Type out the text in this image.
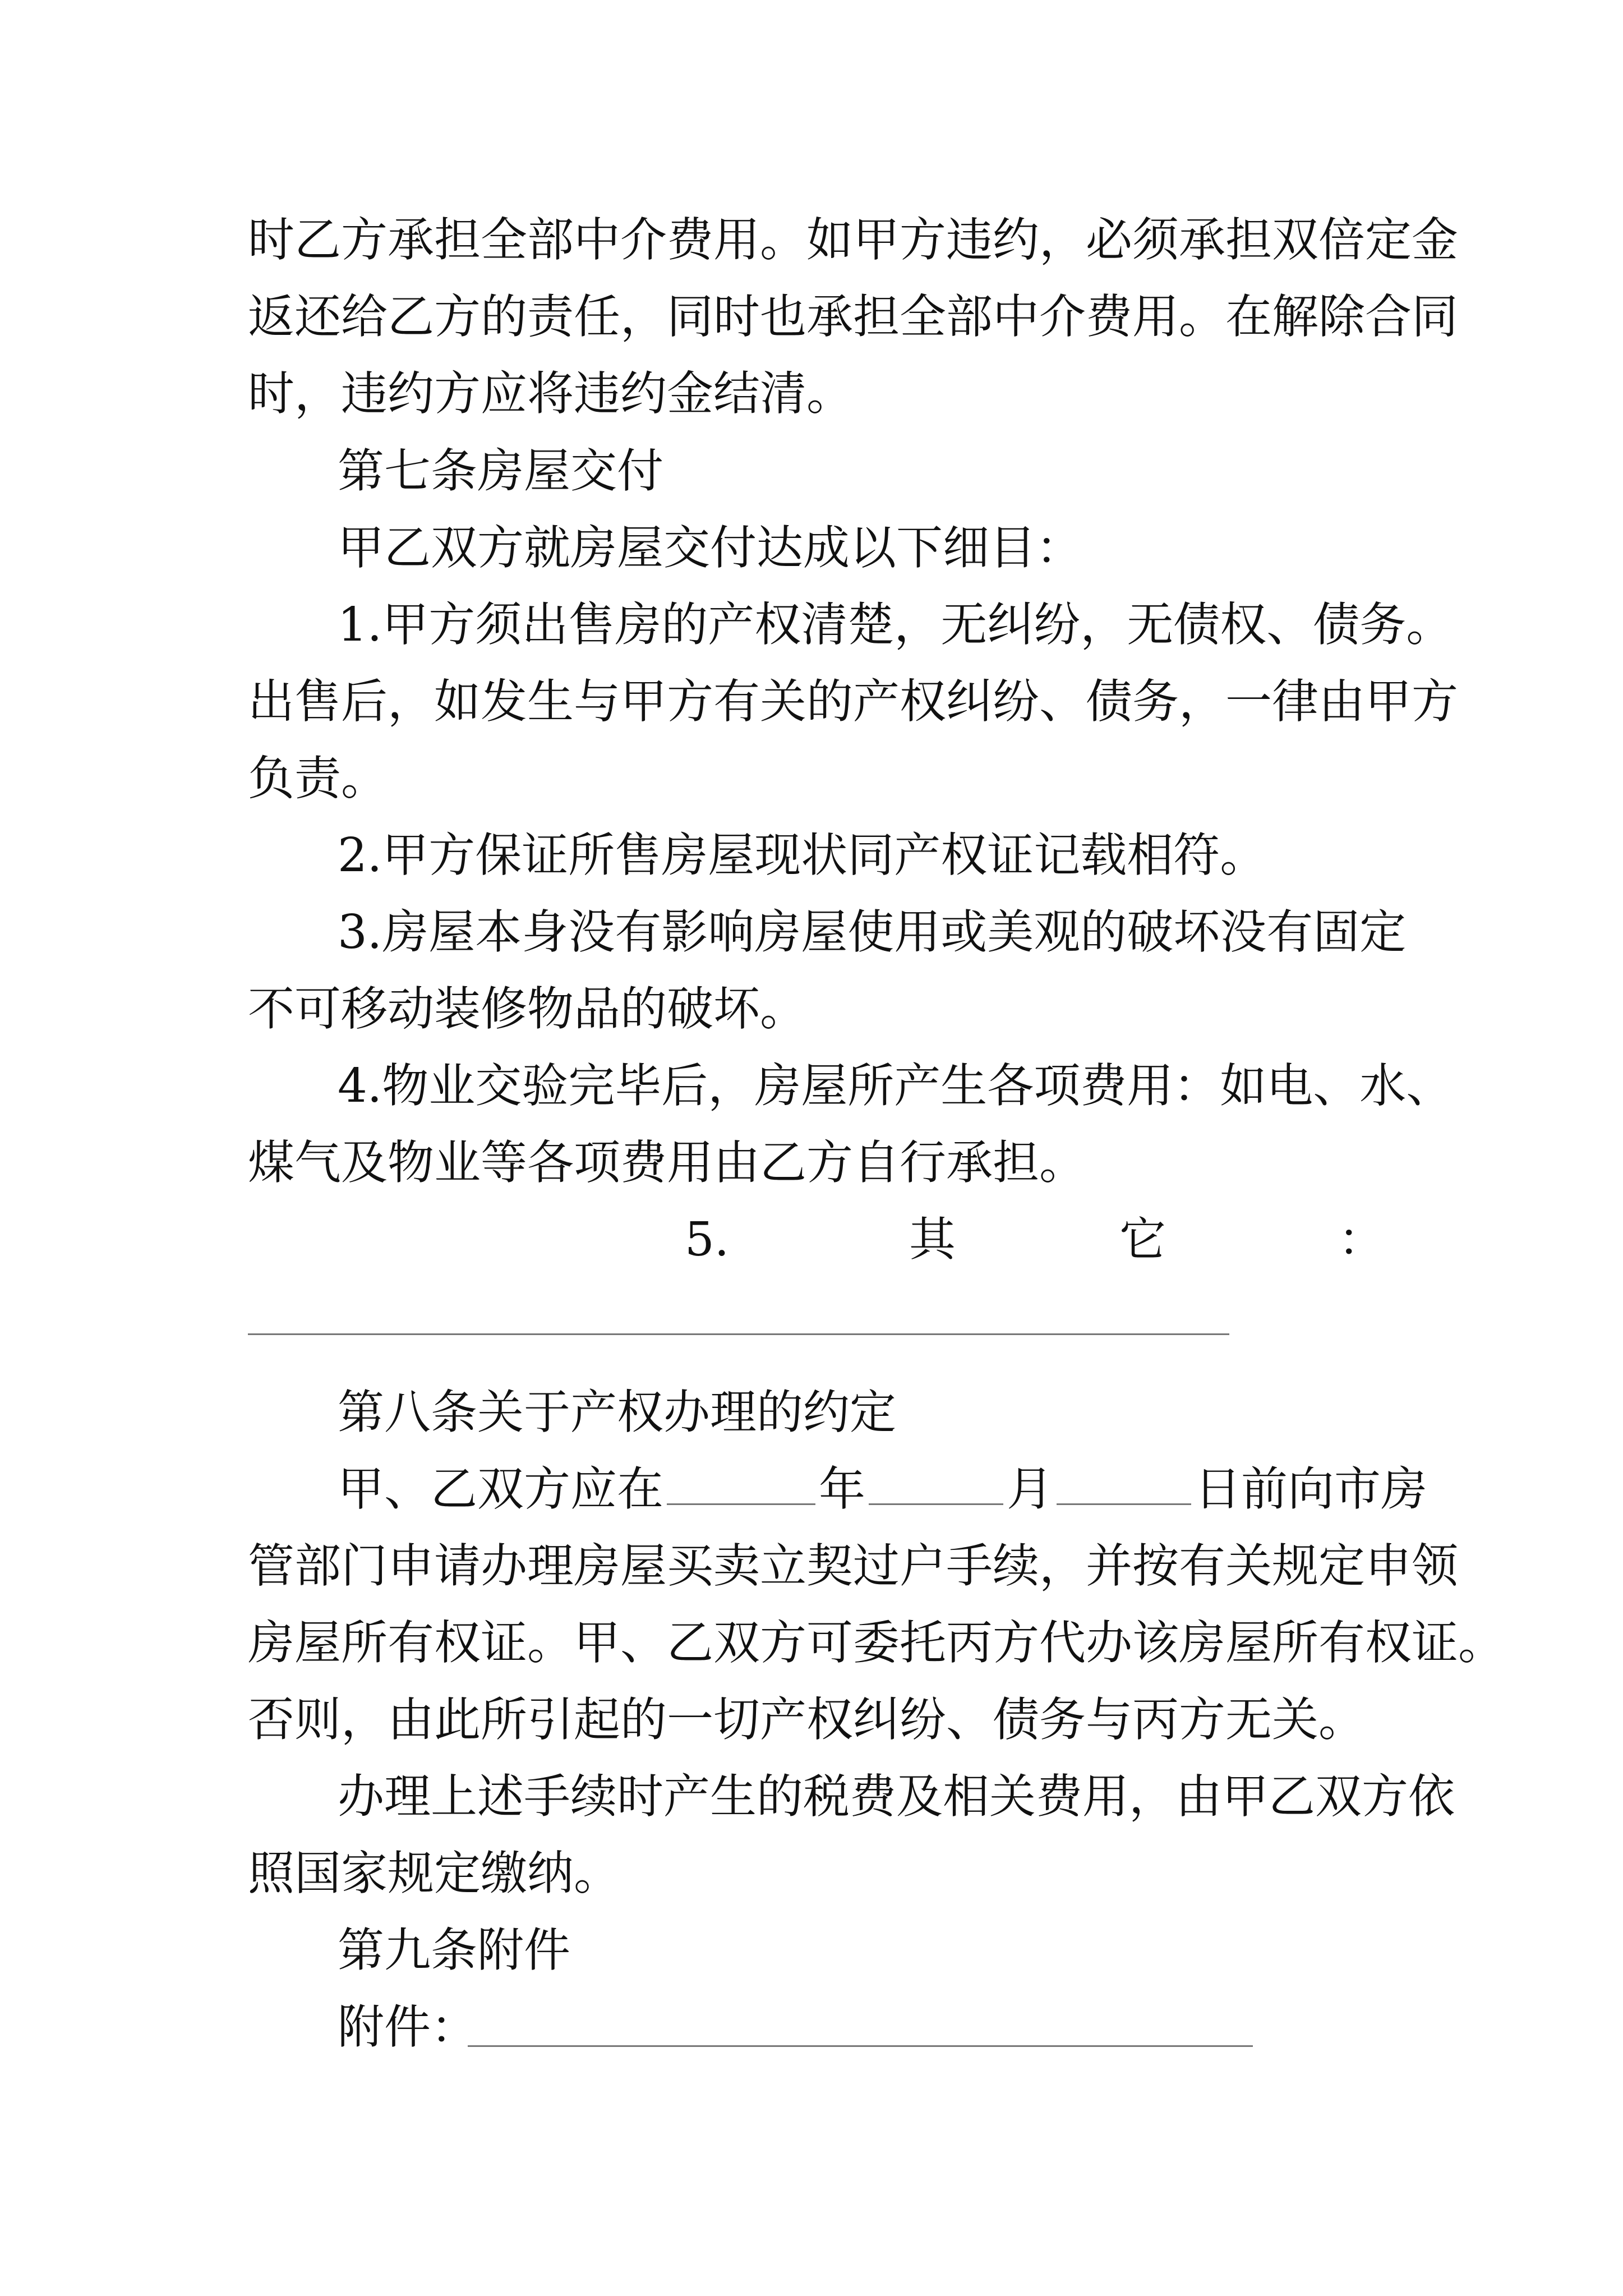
时乙方承担全部中介费用。如甲方违约，必须承担双倍定金
返还给乙方的责任，同时也承担全部中介费用。在解除合同
时，违约方应将违约金结清。
第七条房屋交付
甲乙双方就房屋交付达成以下细目：
1.甲方须出售房的产权清楚，无纠纷，无债权、债务。
出售后，如发生与甲方有关的产权纠纷、债务，一律由甲方
负责。
2.甲方保证所售房屋现状同产权证记载相符。
3.房屋本身没有影响房屋使用或美观的破坏没有固定
不可移动装修物品的破坏。
4.物业交验完毕后，房屋所产生各项费用：如电、水、
煤气及物业等各项费用由乙方自行承担。
5.	其	它	：
第八条关于产权办理的约定
甲、乙双方应在	年	月	日前向市房
管部门申请办理房屋买卖立契过户手续，并按有关规定申领
房屋所有权证。甲、乙双方可委托丙方代办该房屋所有权证。
否则，由此所引起的一切产权纠纷、债务与丙方无关。
办理上述手续时产生的税费及相关费用，由甲乙双方依
照国家规定缴纳。
第九条附件
附件：
